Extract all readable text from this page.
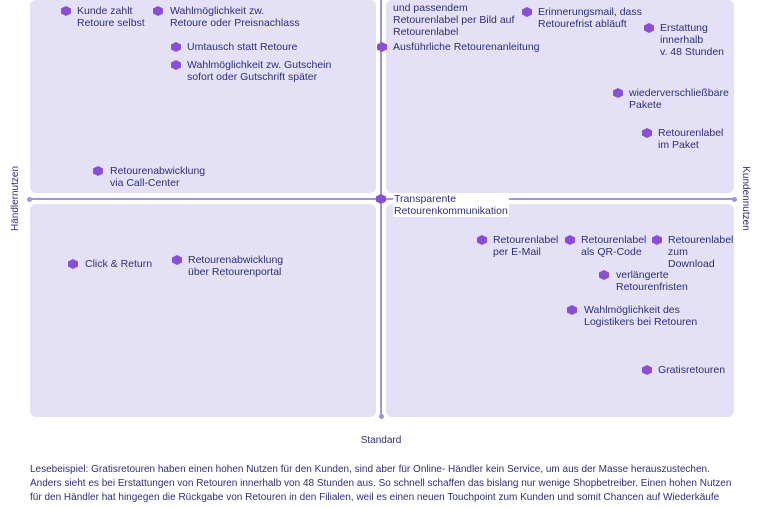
Händlernutzen	Kundennutzen
Standard
Transparente
Retourenkommunikation
Kunde zahlt
Retoure selbst
Wahlmöglichkeit zw.
Retoure oder Preisnachlass
Umtausch statt Retoure
Wahlmöglichkeit zw. Gutschein
sofort oder Gutschrift später
Retourenabwicklung
via Call-Center
und passendem
Retourenlabel per Bild auf
Retourenlabel
Ausführliche Retourenanleitung
Erinnerungsmail, dass
Retourefrist abläuft	Erstattung
innerhalb
v. 48 Stunden
wiederverschließbare
Pakete
Retourenlabel
im Paket
Click & Return	Retourenabwicklung
über Retourenportal
Retourenlabel
per E-Mail
Retourenlabel
als QR-Code
Retourenlabel
zum
Download
verlängerte
Retourenfristen
Wahlmöglichkeit des
Logistikers bei Retouren
Gratisretouren
Lesebeispiel: Gratisretouren haben einen hohen Nutzen für den Kunden, sind aber für Online- Händler kein Service, um aus der Masse herauszustechen. Anders sieht es bei Erstattungen von Retouren innerhalb von 48 Stunden aus. So schnell schaffen das bislang nur wenige Shopbetreiber. Einen hohen Nutzen für den Händler hat hingegen die Rückgabe von Retouren in den Filialen, weil es einen neuen Touchpoint zum Kunden und somit Chancen auf Wiederkäufe
